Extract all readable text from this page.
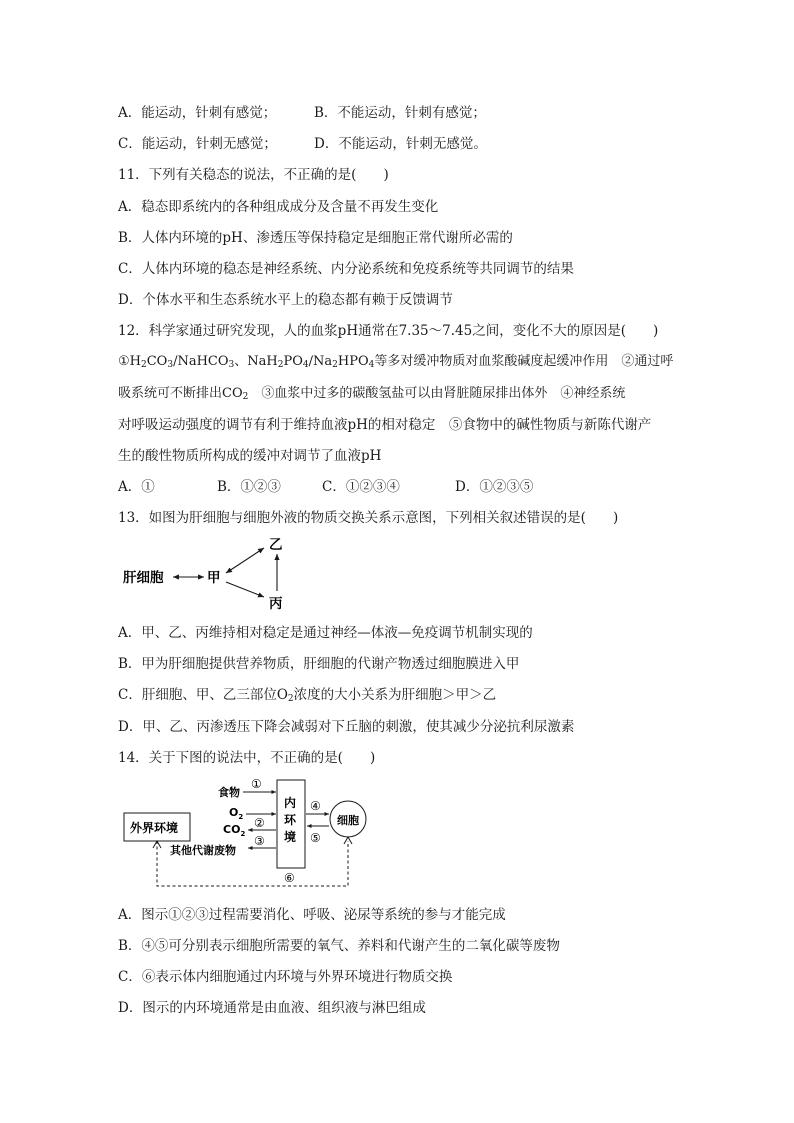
A．能运动，针刺有感觉；	B．不能运动，针刺有感觉；
C．能运动，针刺无感觉；	D．不能运动，针刺无感觉。
11．下列有关稳态的说法，不正确的是(　　)
A．稳态即系统内的各种组成成分及含量不再发生变化
B．人体内环境的pH、渗透压等保持稳定是细胞正常代谢所必需的
C．人体内环境的稳态是神经系统、内分泌系统和免疫系统等共同调节的结果
D．个体水平和生态系统水平上的稳态都有赖于反馈调节
12．科学家通过研究发现，人的血浆pH通常在7.35～7.45之间，变化不大的原因是(　　)
$①H_2CO_3/NaHCO_3$、$NaH_2PO_4/Na_2HPO_4$等多对缓冲物质对血浆酸碱度起缓冲作用　②通过呼
吸系统可不断排出$CO_2$　③血浆中过多的碳酸氢盐可以由肾脏随尿排出体外　④神经系统
对呼吸运动强度的调节有利于维持血液pH的相对稳定　⑤食物中的碱性物质与新陈代谢产
生的酸性物质所构成的缓冲对调节了血液pH
A．①	B．①②③	C．①②③④	D．①②③⑤
13．如图为肝细胞与细胞外液的物质交换关系示意图，下列相关叙述错误的是(　　)
肝细胞	甲
乙
丙
A．甲、乙、丙维持相对稳定是通过神经—体液—免疫调节机制实现的
B．甲为肝细胞提供营养物质，肝细胞的代谢产物透过细胞膜进入甲
C．肝细胞、甲、乙三部位$O_2$浓度的大小关系为肝细胞＞甲＞乙
D．甲、乙、丙渗透压下降会减弱对下丘脑的刺激，使其减少分泌抗利尿激素
14．关于下图的说法中，不正确的是(　　)
外界环境
内
环
境
食物
①
$O_2$
$CO_2$
②
其他代谢废物
③
④
⑤
细胞
⑥
A．图示①②③过程需要消化、呼吸、泌尿等系统的参与才能完成
B．④⑤可分别表示细胞所需要的氧气、养料和代谢产生的二氧化碳等废物
C．⑥表示体内细胞通过内环境与外界环境进行物质交换
D．图示的内环境通常是由血液、组织液与淋巴组成
